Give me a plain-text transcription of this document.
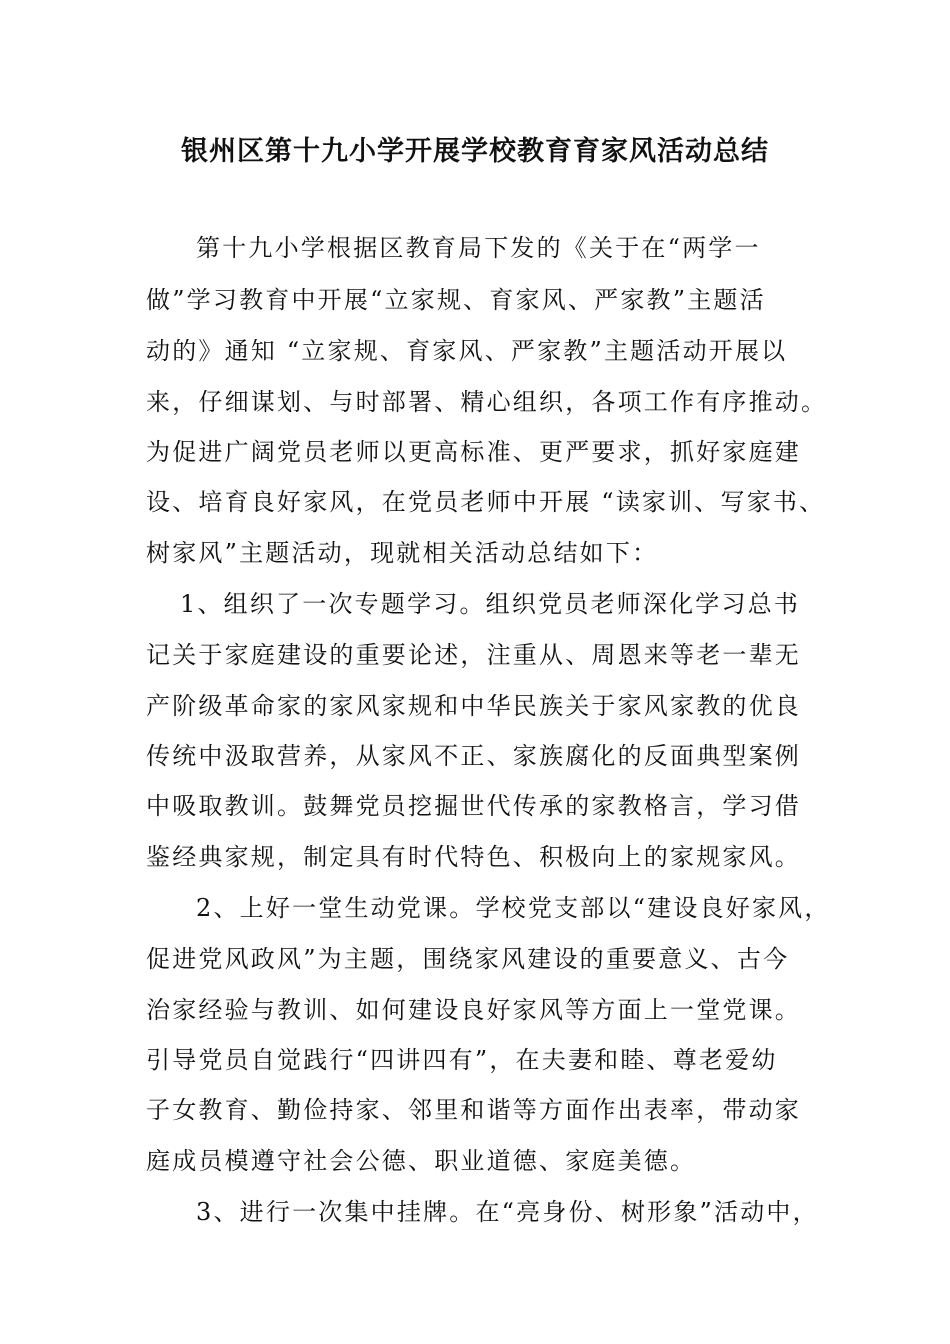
银州区第十九小学开展学校教育育家风活动总结

第十九小学根据区教育局下发的《关于在“两学一

做”学习教育中开展“立家规、育家风、严家教”主题活

动的》通知 “立家规、育家风、严家教”主题活动开展以

来，仔细谋划、与时部署、精心组织，各项工作有序推动。

为促进广阔党员老师以更高标准、更严要求，抓好家庭建

设、培育良好家风，在党员老师中开展 “读家训、写家书、

树家风”主题活动，现就相关活动总结如下：

1、组织了一次专题学习。组织党员老师深化学习总书

记关于家庭建设的重要论述，注重从、周恩来等老一辈无

产阶级革命家的家风家规和中华民族关于家风家教的优良

传统中汲取营养，从家风不正、家族腐化的反面典型案例

中吸取教训。鼓舞党员挖掘世代传承的家教格言，学习借

鉴经典家规，制定具有时代特色、积极向上的家规家风。

2、上好一堂生动党课。学校党支部以“建设良好家风，

促进党风政风”为主题，围绕家风建设的重要意义、古今

治家经验与教训、如何建设良好家风等方面上一堂党课。

引导党员自觉践行“四讲四有”，在夫妻和睦、尊老爱幼

子女教育、勤俭持家、邻里和谐等方面作出表率，带动家

庭成员模遵守社会公德、职业道德、家庭美德。

3、进行一次集中挂牌。在“亮身份、树形象”活动中，
